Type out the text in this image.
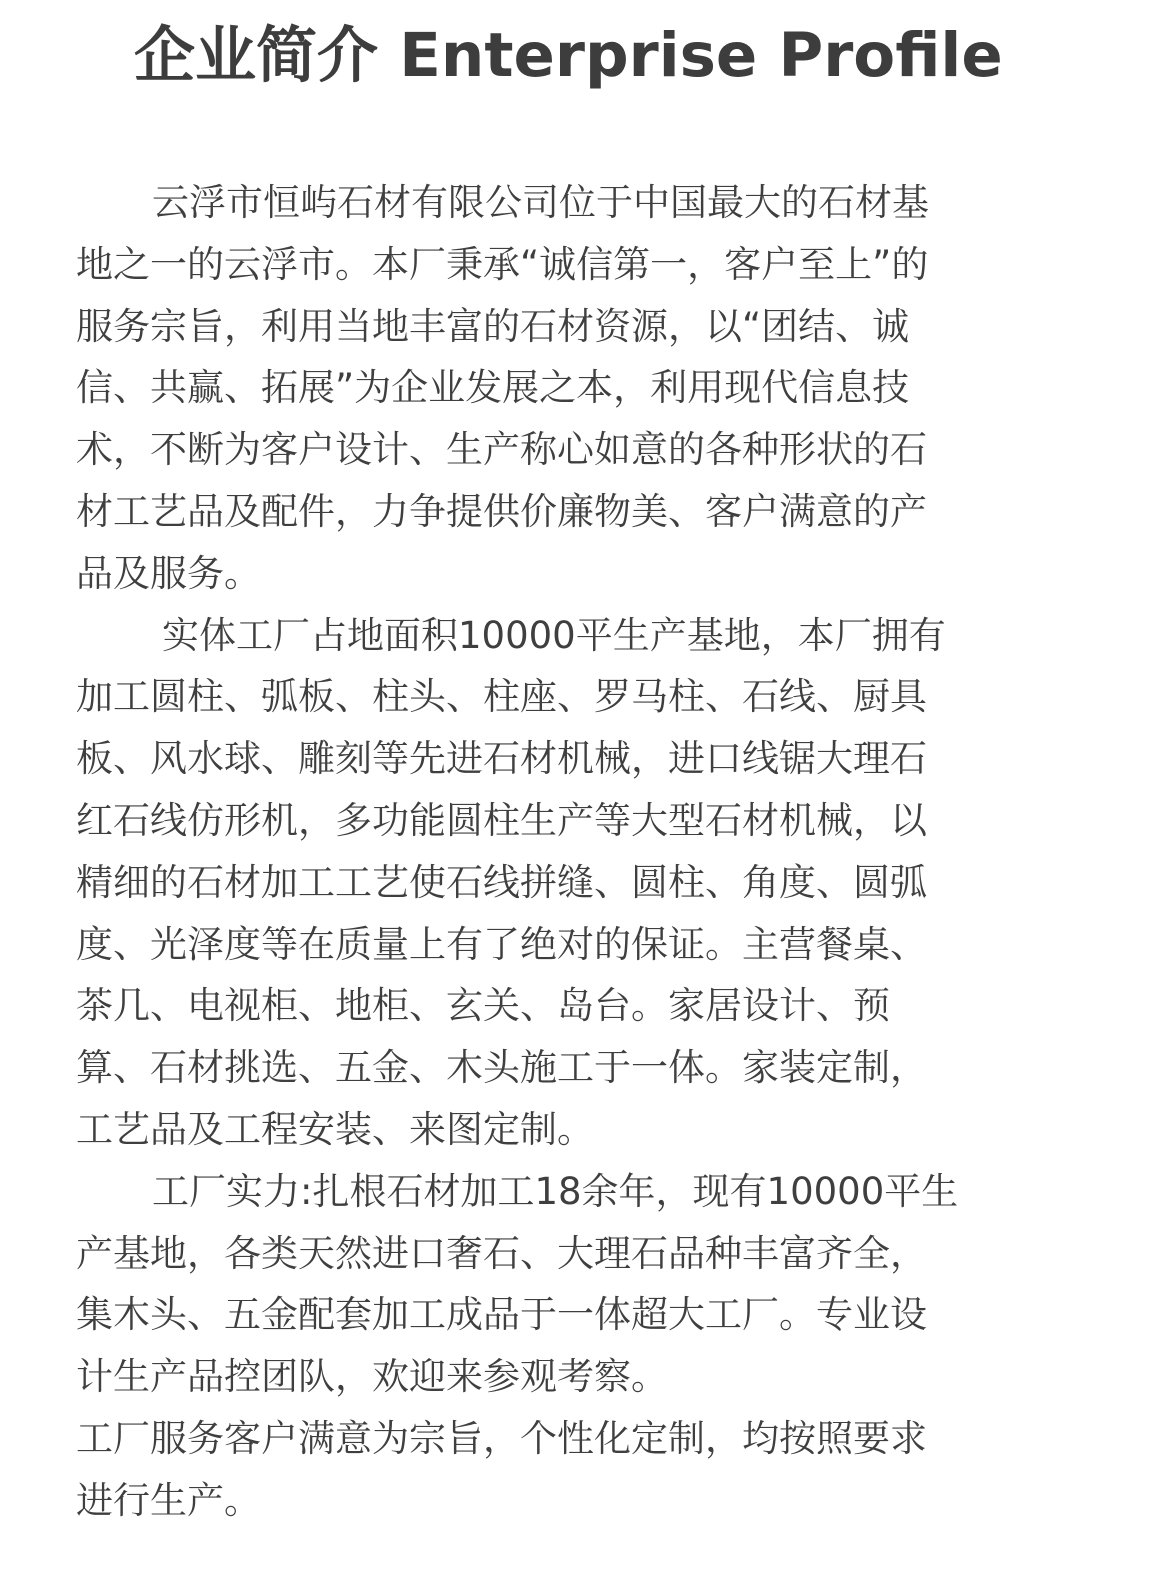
企业简介 Enterprise Profile
云浮市恒屿石材有限公司位于中国最大的石材基
地之一的云浮市。本厂秉承“诚信第一，客户至上”的
服务宗旨，利用当地丰富的石材资源，以“团结、诚
信、共赢、拓展”为企业发展之本，利用现代信息技
术，不断为客户设计、生产称心如意的各种形状的石
材工艺品及配件，力争提供价廉物美、客户满意的产
品及服务。
实体工厂占地面积10000平生产基地，本厂拥有
加工圆柱、弧板、柱头、柱座、罗马柱、石线、厨具
板、风水球、雕刻等先进石材机械，进口线锯大理石
红石线仿形机，多功能圆柱生产等大型石材机械，以
精细的石材加工工艺使石线拼缝、圆柱、角度、圆弧
度、光泽度等在质量上有了绝对的保证。主营餐桌、
茶几、电视柜、地柜、玄关、岛台。家居设计、预
算、石材挑选、五金、木头施工于一体。家装定制，
工艺品及工程安装、来图定制。
工厂实力:扎根石材加工18余年，现有10000平生
产基地，各类天然进口奢石、大理石品种丰富齐全，
集木头、五金配套加工成品于一体超大工厂。专业设
计生产品控团队，欢迎来参观考察。
工厂服务客户满意为宗旨，个性化定制，均按照要求
进行生产。
